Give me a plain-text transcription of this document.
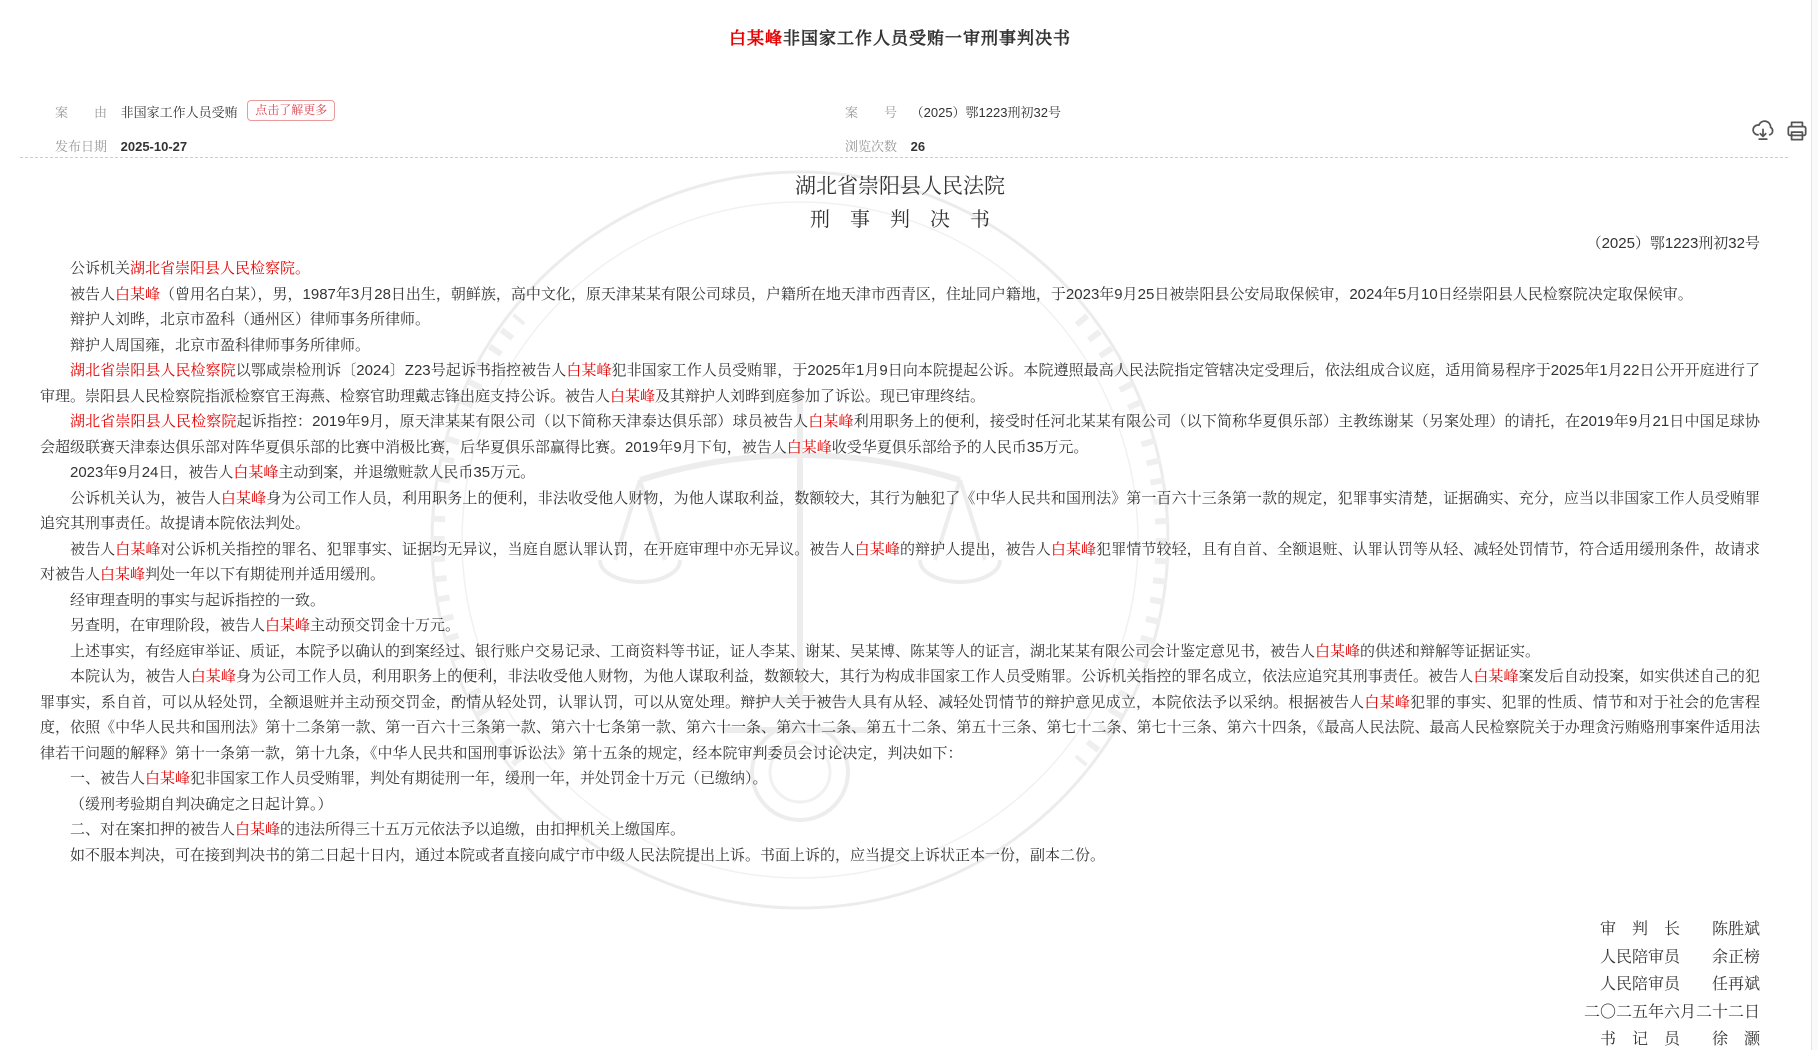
白某峰非国家工作人员受贿一审刑事判决书
案　　由 非国家工作人员受贿 点击了解更多	案　　号 （2025）鄂1223刑初32号
发布日期 2025-10-27	浏览次数 26
湖北省崇阳县人民法院
刑　事　判　决　书
（2025）鄂1223刑初32号

公诉机关湖北省崇阳县人民检察院。

被告人白某峰（曾用名白某），男，1987年3月28日出生，朝鲜族，高中文化，原天津某某有限公司球员，户籍所在地天津市西青区，住址同户籍地，于2023年9月25日被崇阳县公安局取保候审，2024年5月10日经崇阳县人民检察院决定取保候审。

辩护人刘晔，北京市盈科（通州区）律师事务所律师。

辩护人周国雍，北京市盈科律师事务所律师。

湖北省崇阳县人民检察院以鄂咸崇检刑诉〔2024〕Z23号起诉书指控被告人白某峰犯非国家工作人员受贿罪，于2025年1月9日向本院提起公诉。本院遵照最高人民法院指定管辖决定受理后，依法组成合议庭，适用简易程序于2025年1月22日公开开庭进行了审理。崇阳县人民检察院指派检察官王海燕、检察官助理戴志锋出庭支持公诉。被告人白某峰及其辩护人刘晔到庭参加了诉讼。现已审理终结。

湖北省崇阳县人民检察院起诉指控：2019年9月，原天津某某有限公司（以下简称天津泰达俱乐部）球员被告人白某峰利用职务上的便利，接受时任河北某某有限公司（以下简称华夏俱乐部）主教练谢某（另案处理）的请托，在2019年9月21日中国足球协会超级联赛天津泰达俱乐部对阵华夏俱乐部的比赛中消极比赛，后华夏俱乐部赢得比赛。2019年9月下旬，被告人白某峰收受华夏俱乐部给予的人民币35万元。

2023年9月24日，被告人白某峰主动到案，并退缴赃款人民币35万元。

公诉机关认为，被告人白某峰身为公司工作人员，利用职务上的便利，非法收受他人财物，为他人谋取利益，数额较大，其行为触犯了《中华人民共和国刑法》第一百六十三条第一款的规定，犯罪事实清楚，证据确实、充分，应当以非国家工作人员受贿罪追究其刑事责任。故提请本院依法判处。

被告人白某峰对公诉机关指控的罪名、犯罪事实、证据均无异议，当庭自愿认罪认罚，在开庭审理中亦无异议。被告人白某峰的辩护人提出，被告人白某峰犯罪情节较轻，且有自首、全额退赃、认罪认罚等从轻、减轻处罚情节，符合适用缓刑条件，故请求对被告人白某峰判处一年以下有期徒刑并适用缓刑。

经审理查明的事实与起诉指控的一致。

另查明，在审理阶段，被告人白某峰主动预交罚金十万元。

上述事实，有经庭审举证、质证，本院予以确认的到案经过、银行账户交易记录、工商资料等书证，证人李某、谢某、吴某博、陈某等人的证言，湖北某某有限公司会计鉴定意见书，被告人白某峰的供述和辩解等证据证实。

本院认为，被告人白某峰身为公司工作人员，利用职务上的便利，非法收受他人财物，为他人谋取利益，数额较大，其行为构成非国家工作人员受贿罪。公诉机关指控的罪名成立，依法应追究其刑事责任。被告人白某峰案发后自动投案，如实供述自己的犯罪事实，系自首，可以从轻处罚，全额退赃并主动预交罚金，酌情从轻处罚，认罪认罚，可以从宽处理。辩护人关于被告人具有从轻、减轻处罚情节的辩护意见成立，本院依法予以采纳。根据被告人白某峰犯罪的事实、犯罪的性质、情节和对于社会的危害程度，依照《中华人民共和国刑法》第十二条第一款、第一百六十三条第一款、第六十七条第一款、第六十一条、第六十二条、第五十二条、第五十三条、第七十二条、第七十三条、第六十四条，《最高人民法院、最高人民检察院关于办理贪污贿赂刑事案件适用法律若干问题的解释》第十一条第一款，第十九条，《中华人民共和国刑事诉讼法》第十五条的规定，经本院审判委员会讨论决定，判决如下：

一、被告人白某峰犯非国家工作人员受贿罪，判处有期徒刑一年，缓刑一年，并处罚金十万元（已缴纳）。

（缓刑考验期自判决确定之日起计算。）

二、对在案扣押的被告人白某峰的违法所得三十五万元依法予以追缴，由扣押机关上缴国库。

如不服本判决，可在接到判决书的第二日起十日内，通过本院或者直接向咸宁市中级人民法院提出上诉。书面上诉的，应当提交上诉状正本一份，副本二份。

审　判　长 陈胜斌
人民陪审员 余正榜
人民陪审员 任再斌
二〇二五年六月二十二日
书　记　员 徐　灏
